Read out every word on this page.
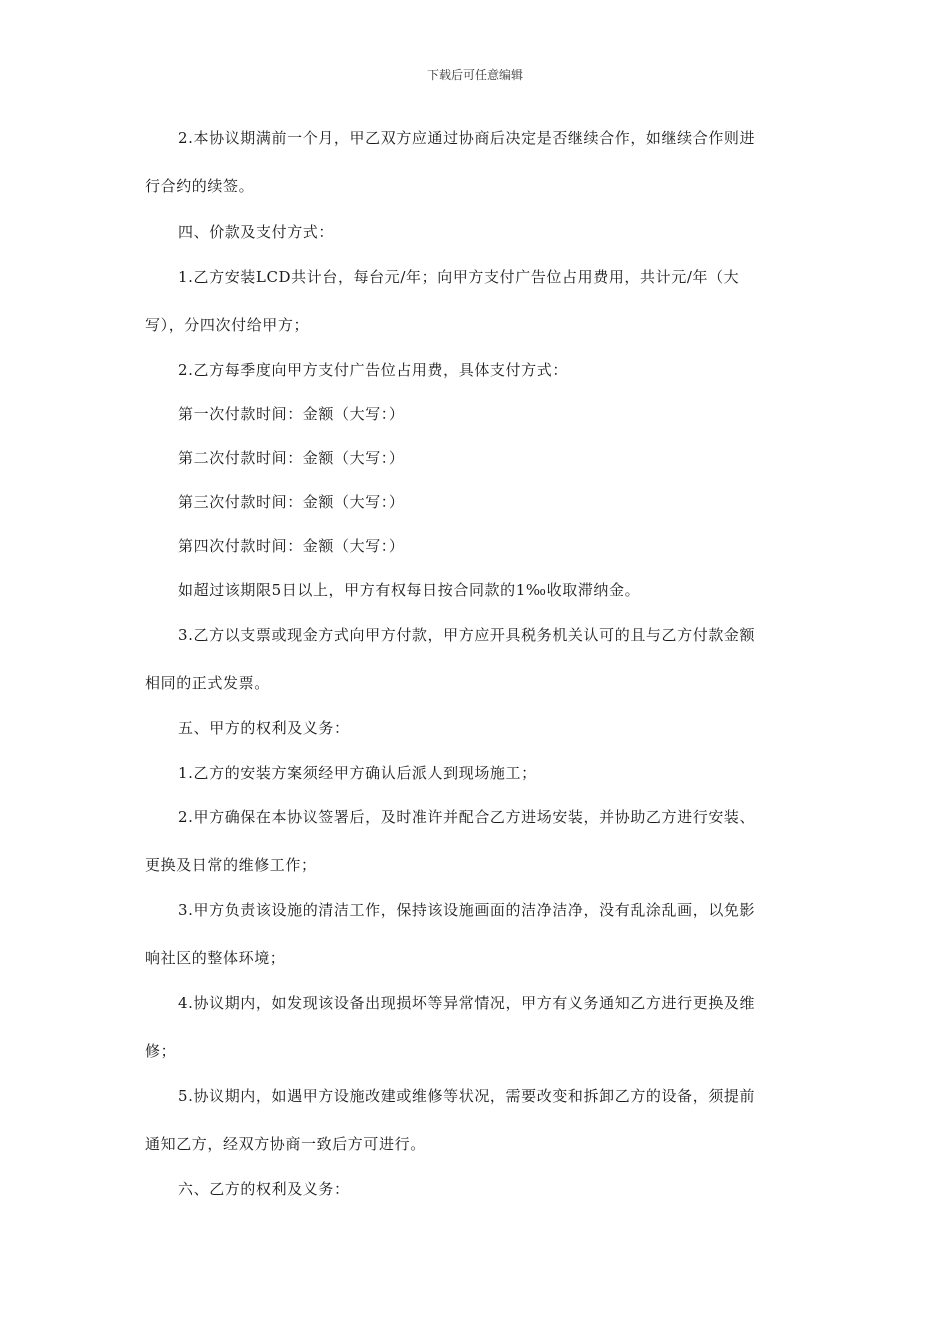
下载后可任意编辑
2.本协议期满前一个月，甲乙双方应通过协商后决定是否继续合作，如继续合作则进
行合约的续签。
四、价款及支付方式：
1.乙方安装LCD共计台，每台元/年；向甲方支付广告位占用费用，共计元/年（大
写），分四次付给甲方；
2.乙方每季度向甲方支付广告位占用费，具体支付方式：
第一次付款时间：金额（大写：）
第二次付款时间：金额（大写：）
第三次付款时间：金额（大写：）
第四次付款时间：金额（大写：）
如超过该期限5日以上，甲方有权每日按合同款的1‰收取滞纳金。
3.乙方以支票或现金方式向甲方付款，甲方应开具税务机关认可的且与乙方付款金额
相同的正式发票。
五、甲方的权利及义务：
1.乙方的安装方案须经甲方确认后派人到现场施工；
2.甲方确保在本协议签署后，及时准许并配合乙方进场安装，并协助乙方进行安装、
更换及日常的维修工作；
3.甲方负责该设施的清洁工作，保持该设施画面的洁净洁净，没有乱涂乱画，以免影
响社区的整体环境；
4.协议期内，如发现该设备出现损坏等异常情况，甲方有义务通知乙方进行更换及维
修；
5.协议期内，如遇甲方设施改建或维修等状况，需要改变和拆卸乙方的设备，须提前
通知乙方，经双方协商一致后方可进行。
六、乙方的权利及义务：
